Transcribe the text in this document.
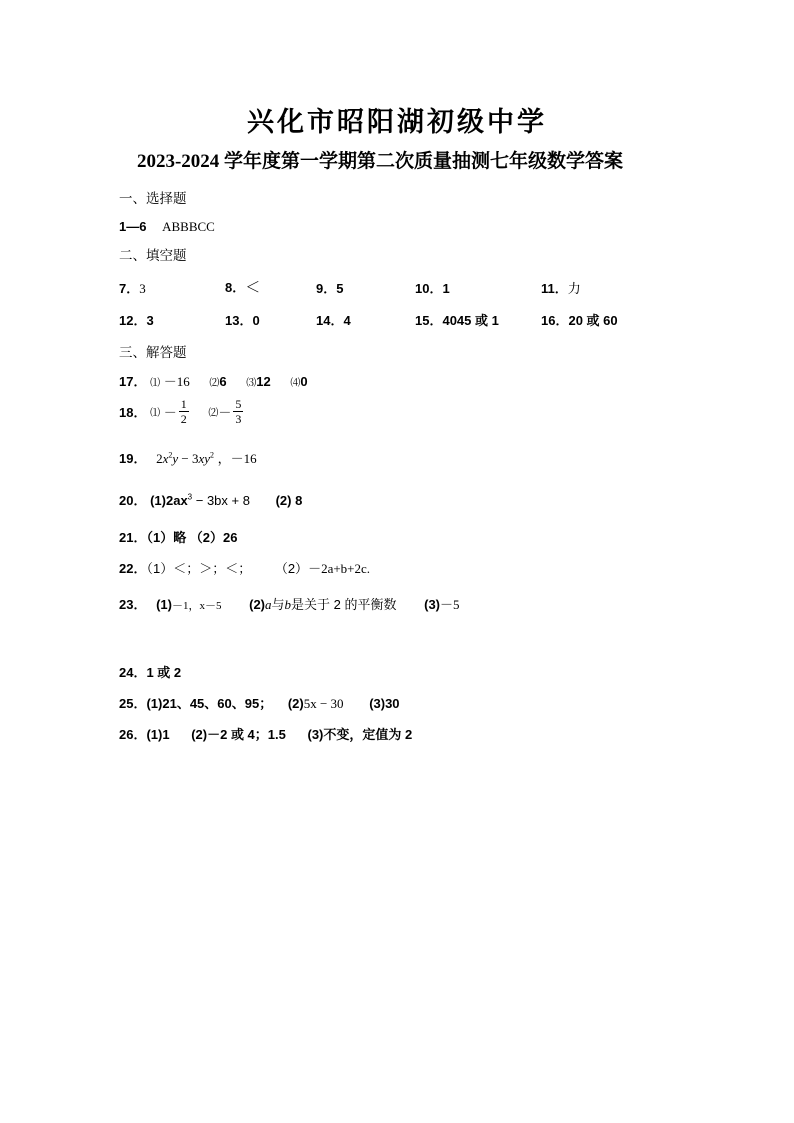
兴化市昭阳湖初级中学
2023-2024 学年度第一学期第二次质量抽测七年级数学答案
一、选择题
1—6 ABBBCC
二、填空题
7．3	8．＜	9．5	10．1	11．力
12．3	13．0	14．4	15．4045 或 1	16．20 或 60
三、解答题
17． ⑴ －16 ⑵6 ⑶12 ⑷0
18． ⑴ － $\frac{1}{2}$ ⑵－ $\frac{5}{3}$
19． $2x^2y - 3xy^2$ ，－16
20． $(1)2ax^3 - 3bx + 8$ (2) 8
21．（1）略 （2）26
22．（1）＜；＞；＜； （2）－2a+b+2c.
23． (1)－1，x－5 (2)a与b是关于 2 的平衡数 (3)－5
24．1 或 2
25．(1)21、45、60、95； (2)5x − 30 (3)30
26．(1)1 (2)－2 或 4；1.5 (3)不变，定值为 2
